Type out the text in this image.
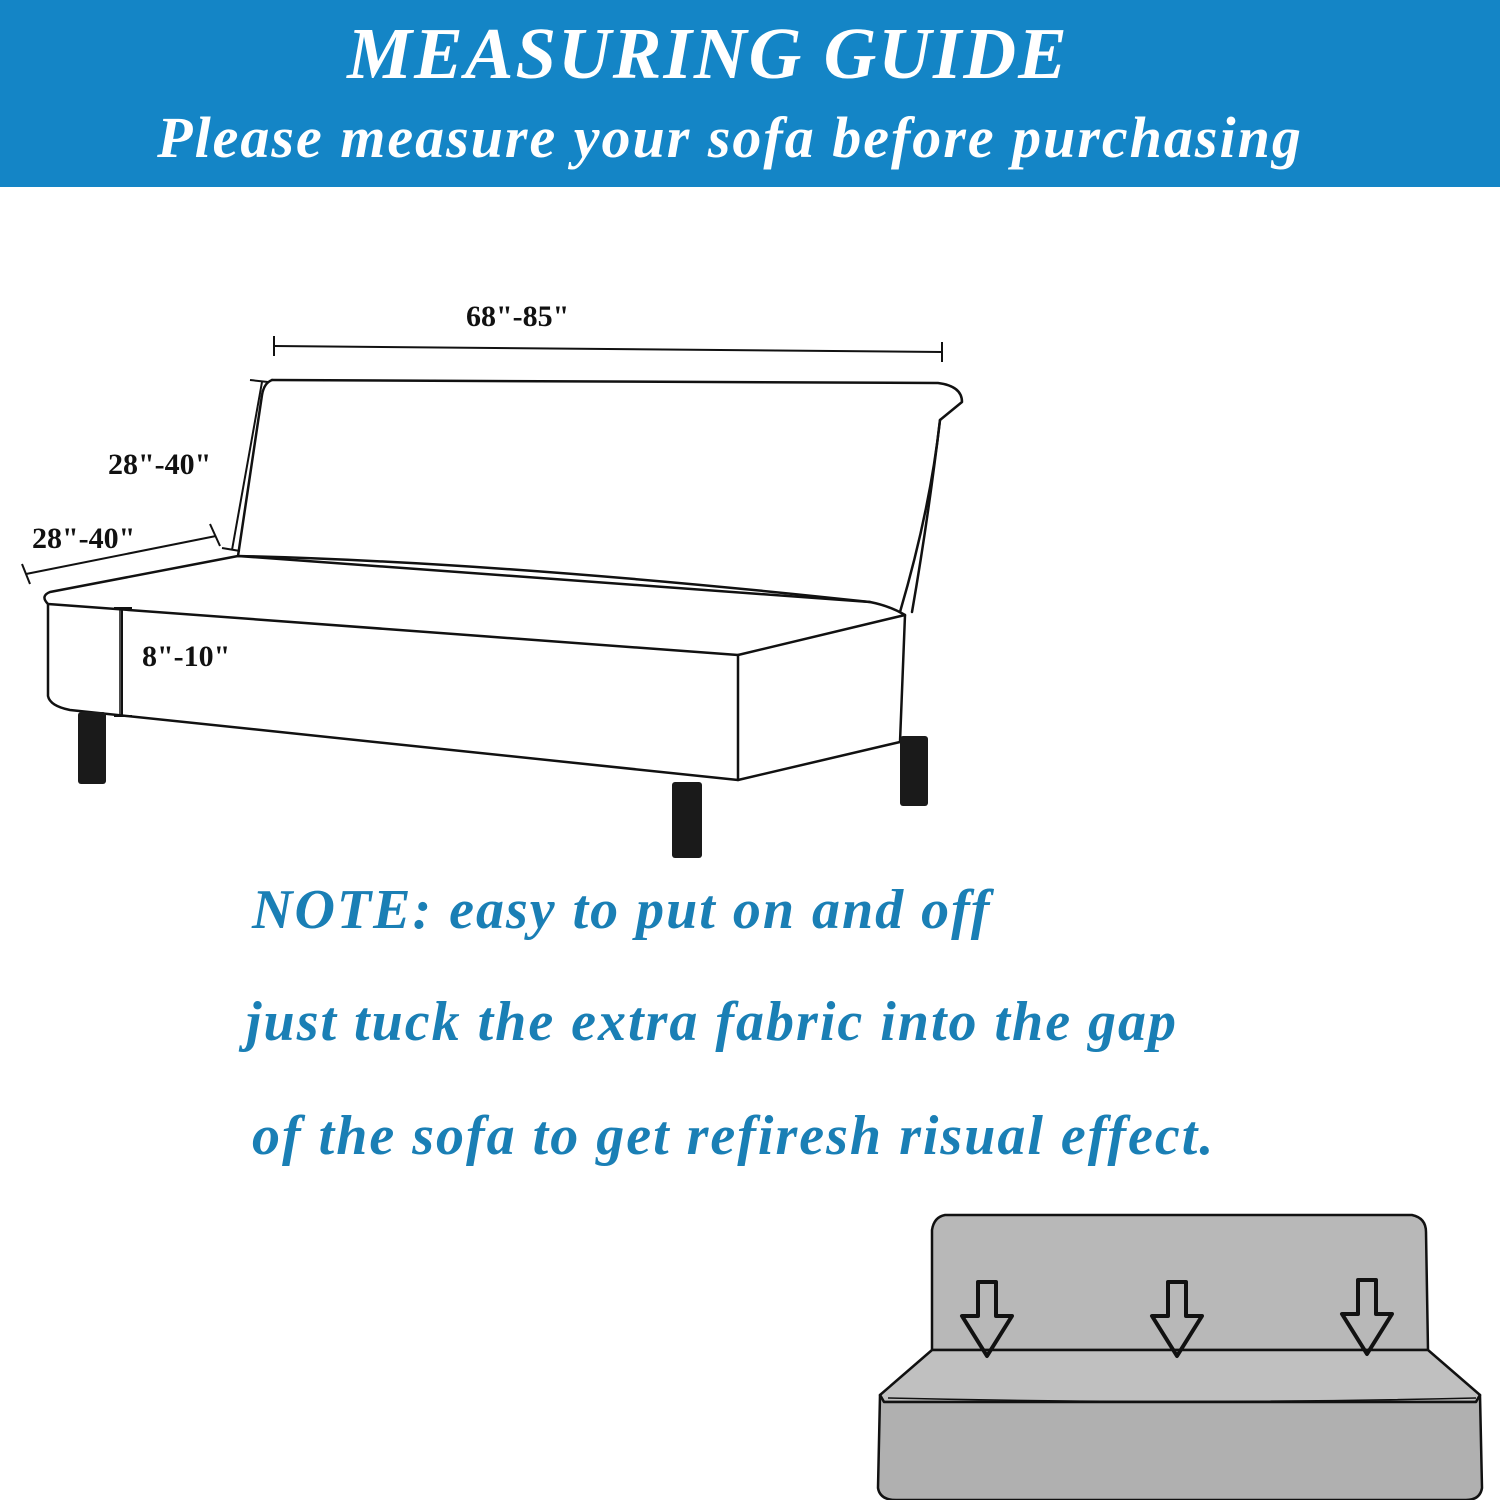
MEASURING GUIDE
Please measure your sofa before purchasing
68"-85"
28"-40"
28"-40"
8"-10"
NOTE: easy to put on and off
just tuck the extra fabric into the gap
of the sofa to get refiresh risual effect.
